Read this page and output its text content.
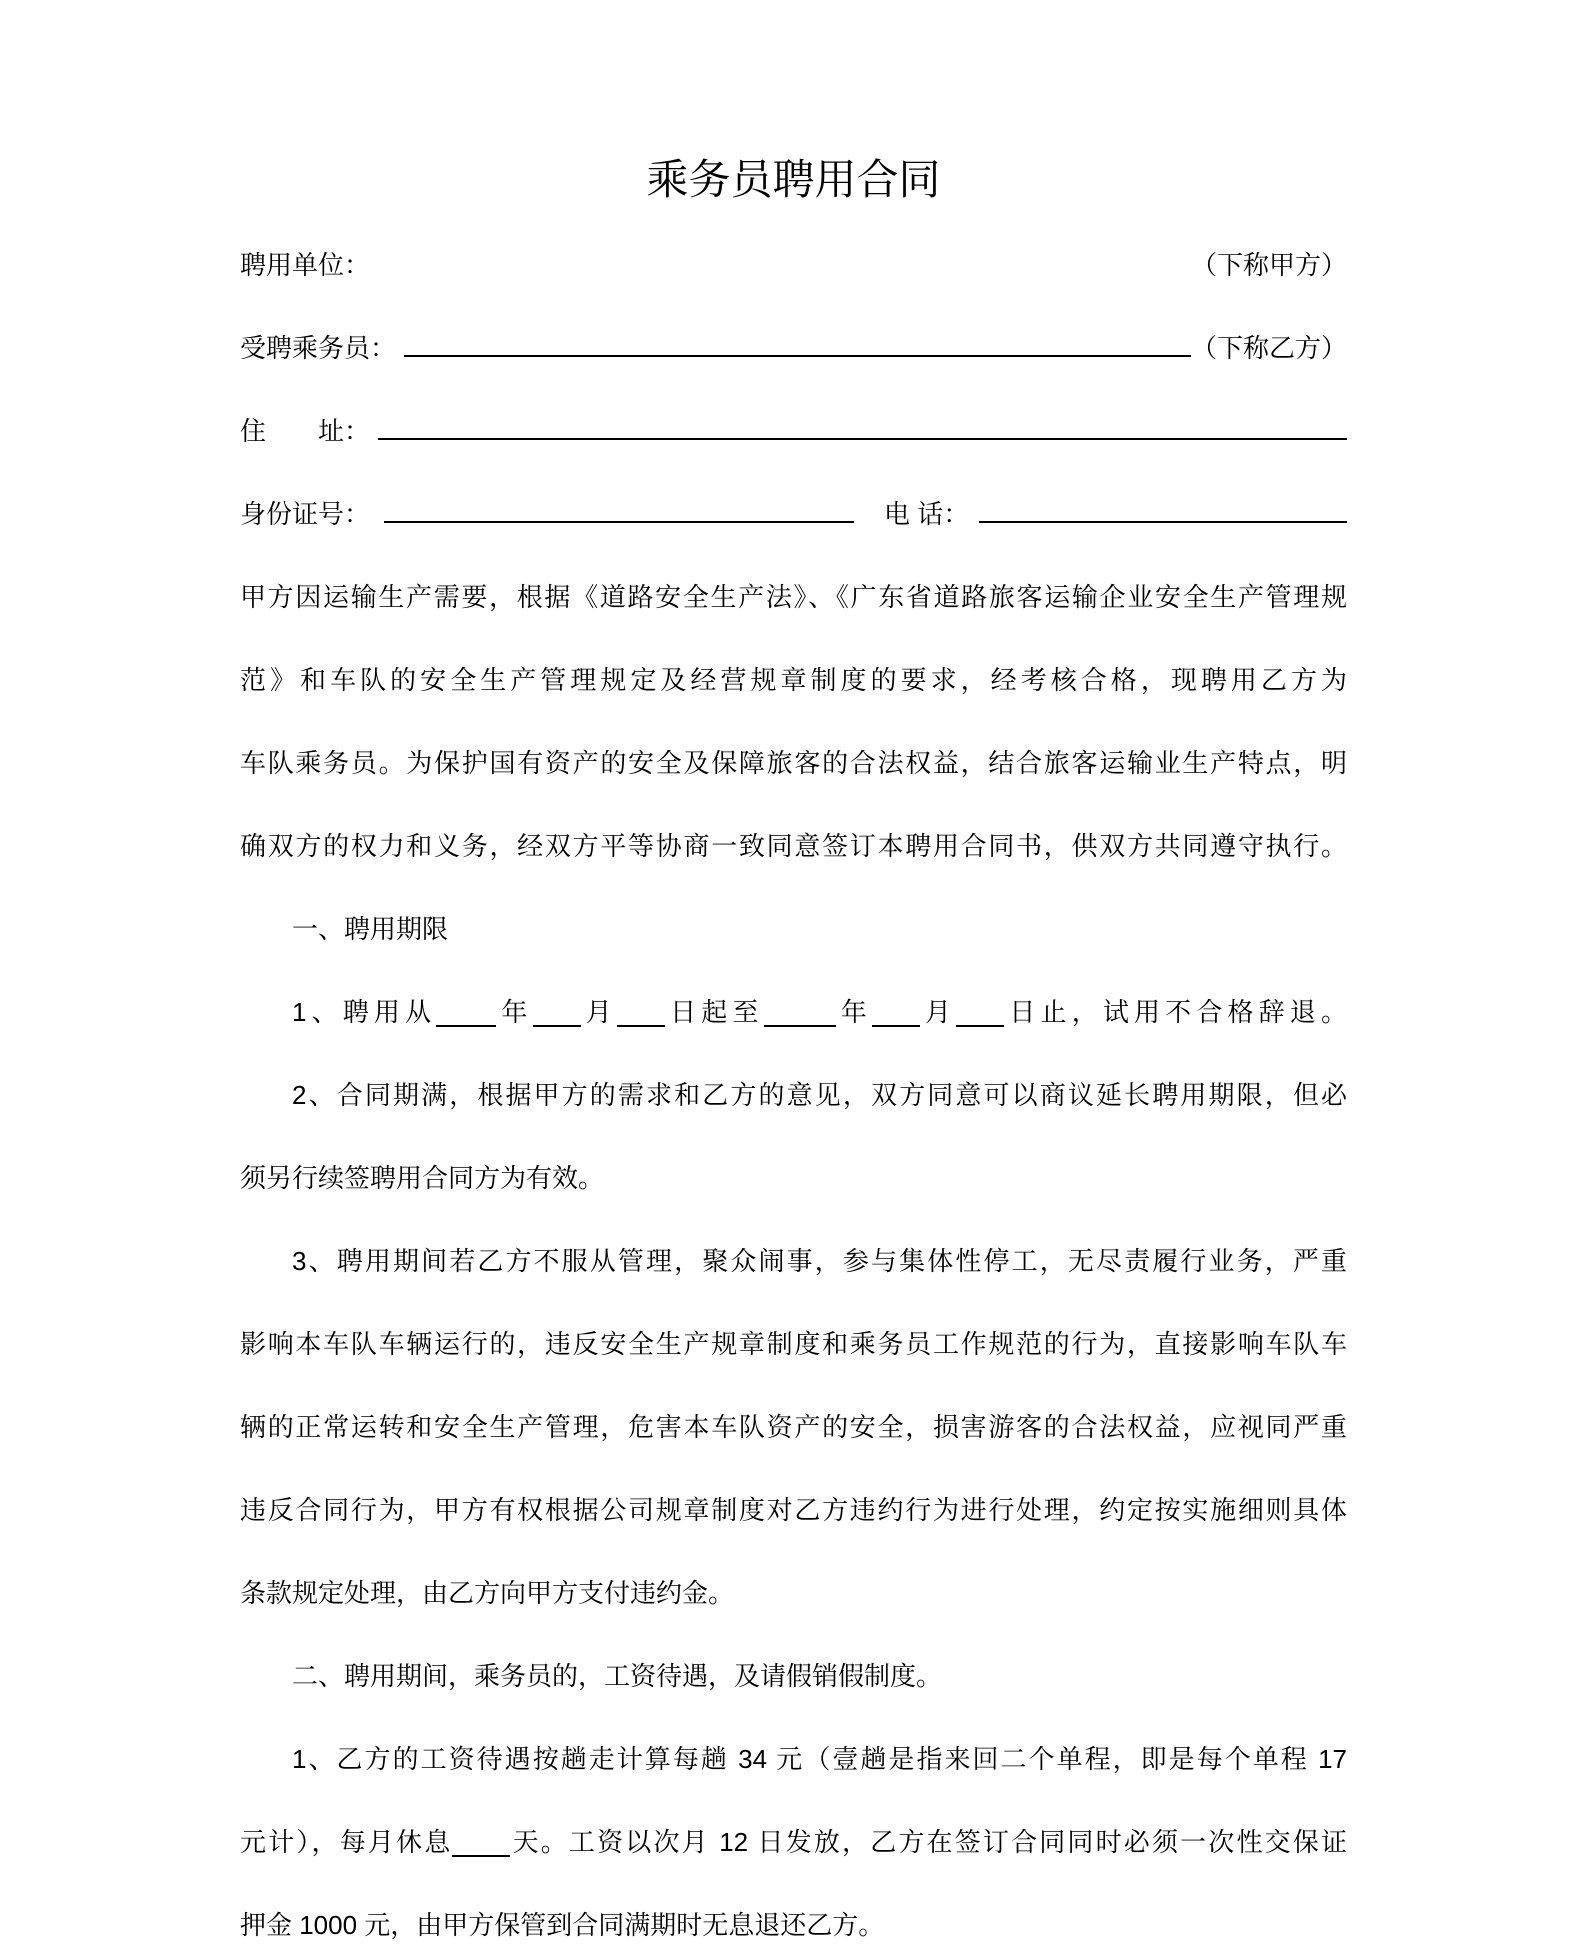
乘务员聘用合同
聘用单位：	（下称甲方）
受聘乘务员：	（下称乙方）
住　　址：
身份证号：	电 话：
甲方因运输生产需要，根据《道路安全生产法》、《广东省道路旅客运输企业安全生产管理规
范》和车队的安全生产管理规定及经营规章制度的要求，经考核合格，现聘用乙方为
车队乘务员。为保护国有资产的安全及保障旅客的合法权益，结合旅客运输业生产特点，明
确双方的权力和义务，经双方平等协商一致同意签订本聘用合同书，供双方共同遵守执行。
一、聘用期限
1、聘用从 年 月 日起至	年 月 日止，试用不合格辞退。
2、合同期满，根据甲方的需求和乙方的意见，双方同意可以商议延长聘用期限，但必
须另行续签聘用合同方为有效。
3、聘用期间若乙方不服从管理，聚众闹事，参与集体性停工，无尽责履行业务，严重
影响本车队车辆运行的，违反安全生产规章制度和乘务员工作规范的行为，直接影响车队车
辆的正常运转和安全生产管理，危害本车队资产的安全，损害游客的合法权益，应视同严重
违反合同行为，甲方有权根据公司规章制度对乙方违约行为进行处理，约定按实施细则具体
条款规定处理，由乙方向甲方支付违约金。
二、聘用期间，乘务员的，工资待遇，及请假销假制度。
1、乙方的工资待遇按趟走计算每趟 34 元（壹趟是指来回二个单程，即是每个单程 17
元计），每月休息 天。工资以次月 12 日发放，乙方在签订合同同时必须一次性交保证
押金 1000 元，由甲方保管到合同满期时无息退还乙方。
